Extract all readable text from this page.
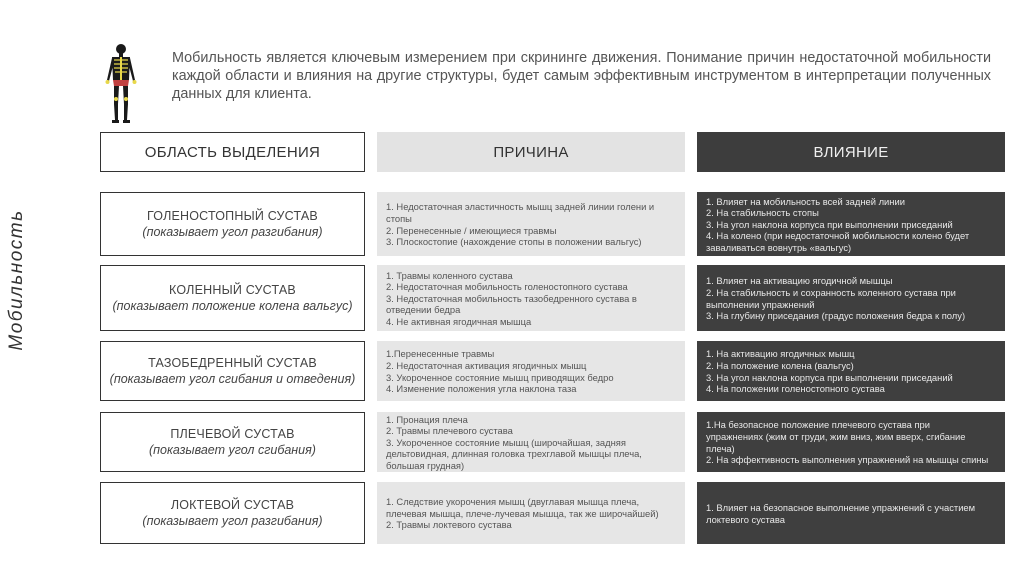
Мобильность
Мобильность является ключевым измерением при скрининге движения. Понимание причин недостаточной мобильности каждой области и влияния на другие структуры, будет самым эффективным инструментом в интерпретации полученных данных для клиента.
ОБЛАСТЬ ВЫДЕЛЕНИЯ	ПРИЧИНА	ВЛИЯНИЕ
ГОЛЕНОСТОПНЫЙ СУСТАВ
(показывает угол разгибания)
1. Недостаточная эластичность мышц задней линии голени и
стопы
2. Перенесенные / имеющиеся травмы
3. Плоскостопие (нахождение стопы в положении вальгус)
1. Влияет на мобильность всей задней линии
2. На стабильность стопы
3. На угол наклона корпуса при выполнении приседаний
4. На колено (при недостаточной мобильности колено будет
заваливаться вовнутрь «вальгус)
КОЛЕННЫЙ СУСТАВ
(показывает положение колена вальгус)
1. Травмы коленного сустава
2. Недостаточная мобильность голеностопного сустава
3. Недостаточная мобильность тазобедренного сустава в
отведении бедра
4. Не активная ягодичная мышца
1. Влияет на активацию ягодичной мышцы
2. На стабильность и сохранность коленного сустава при
выполнении упражнений
3. На глубину приседания (градус положения бедра к полу)
ТАЗОБЕДРЕННЫЙ СУСТАВ
(показывает угол сгибания и отведения)
1.Перенесенные травмы
2. Недостаточная активация ягодичных мышц
3. Укороченное состояние мышц приводящих бедро
4. Изменение положения угла наклона таза
1. На активацию ягодичных мышц
2. На положение колена (вальгус)
3. На угол наклона корпуса при выполнении приседаний
4. На положении голеностопного сустава
ПЛЕЧЕВОЙ СУСТАВ
(показывает угол сгибания)
1. Пронация плеча
2. Травмы плечевого сустава
3. Укороченное состояние мышц (широчайшая, задняя
дельтовидная, длинная головка трехглавой мышцы плеча,
большая грудная)
1.На безопасное положение плечевого сустава при
упражнениях (жим от груди, жим вниз, жим вверх, сгибание
плеча)
2. На эффективность выполнения упражнений на мышцы спины
ЛОКТЕВОЙ СУСТАВ
(показывает угол разгибания)
1. Следствие укорочения мышц (двуглавая мышца плеча,
плечевая мышца, плече-лучевая мышца, так же широчайшей)
2. Травмы локтевого сустава
1. Влияет на безопасное выполнение упражнений с участием
локтевого сустава
